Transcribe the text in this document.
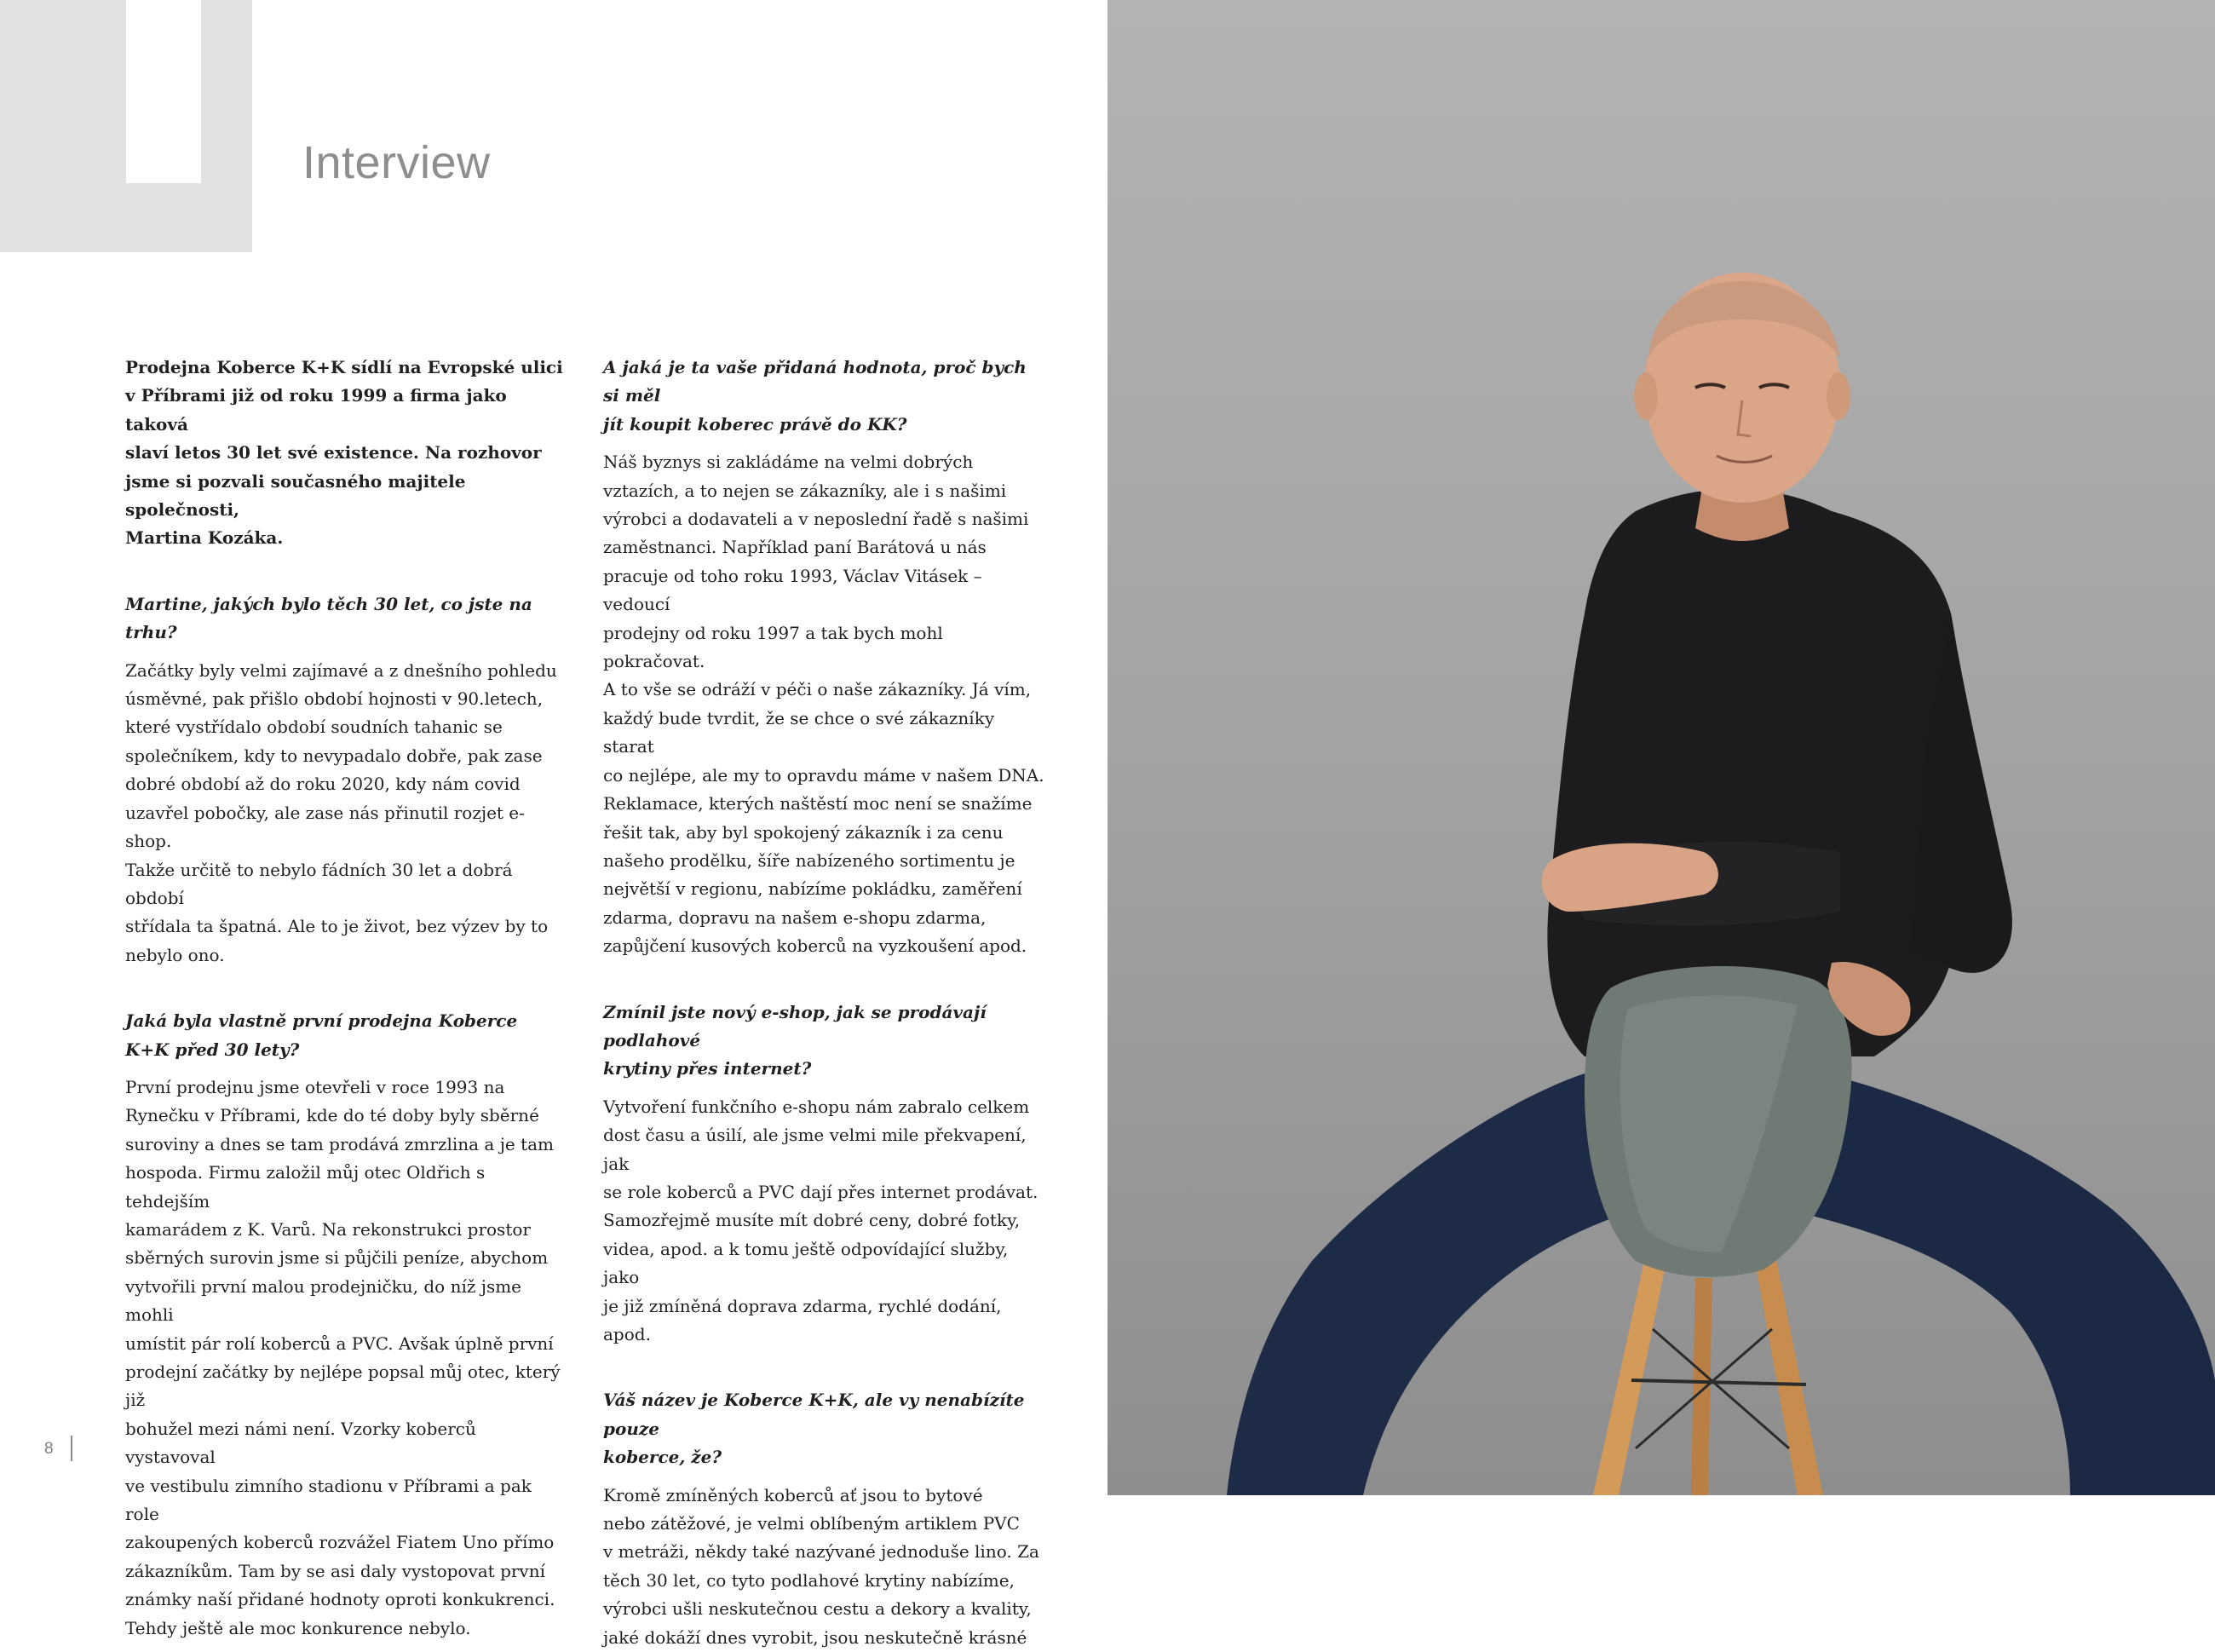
Interview

Prodejna Koberce K+K sídlí na Evropské ulici
v Příbrami již od roku 1999 a firma jako taková
slaví letos 30 let své existence. Na rozhovor
jsme si pozvali současného majitele společnosti,
Martina Kozáka.

Martine, jakých bylo těch 30 let, co jste na trhu?

Začátky byly velmi zajímavé a z dnešního pohledu
úsměvné, pak přišlo období hojnosti v 90.letech,
které vystřídalo období soudních tahanic se
společníkem, kdy to nevypadalo dobře, pak zase
dobré období až do roku 2020, kdy nám covid
uzavřel pobočky, ale zase nás přinutil rozjet e-shop.
Takže určitě to nebylo fádních 30 let a dobrá období
střídala ta špatná. Ale to je život, bez výzev by to
nebylo ono.

Jaká byla vlastně první prodejna Koberce
K+K před 30 lety?

První prodejnu jsme otevřeli v roce 1993 na
Rynečku v Příbrami, kde do té doby byly sběrné
suroviny a dnes se tam prodává zmrzlina a je tam
hospoda. Firmu založil můj otec Oldřich s tehdejším
kamarádem z K. Varů. Na rekonstrukci prostor
sběrných surovin jsme si půjčili peníze, abychom
vytvořili první malou prodejničku, do níž jsme mohli
umístit pár rolí koberců a PVC. Avšak úplně první
prodejní začátky by nejlépe popsal můj otec, který již
bohužel mezi námi není. Vzorky koberců vystavoval
ve vestibulu zimního stadionu v Příbrami a pak role
zakoupených koberců rozvážel Fiatem Uno přímo
zákazníkům. Tam by se asi daly vystopovat první
známky naší přidané hodnoty oproti konkukrenci.
Tehdy ještě ale moc konkurence nebylo.

A jaká je ta vaše přidaná hodnota, proč bych si měl
jít koupit koberec právě do KK?

Náš byznys si zakládáme na velmi dobrých
vztazích, a to nejen se zákazníky, ale i s našimi
výrobci a dodavateli a v neposlední řadě s našimi
zaměstnanci. Například paní Barátová u nás
pracuje od toho roku 1993, Václav Vitásek – vedoucí
prodejny od roku 1997 a tak bych mohl pokračovat.
A to vše se odráží v péči o naše zákazníky. Já vím,
každý bude tvrdit, že se chce o své zákazníky starat
co nejlépe, ale my to opravdu máme v našem DNA.
Reklamace, kterých naštěstí moc není se snažíme
řešit tak, aby byl spokojený zákazník i za cenu
našeho prodělku, šíře nabízeného sortimentu je
největší v regionu, nabízíme pokládku, zaměření
zdarma, dopravu na našem e-shopu zdarma,
zapůjčení kusových koberců na vyzkoušení apod.

Zmínil jste nový e-shop, jak se prodávají podlahové
krytiny přes internet?

Vytvoření funkčního e-shopu nám zabralo celkem
dost času a úsilí, ale jsme velmi mile překvapení, jak
se role koberců a PVC dají přes internet prodávat.
Samozřejmě musíte mít dobré ceny, dobré fotky,
videa, apod. a k tomu ještě odpovídající služby, jako
je již zmíněná doprava zdarma, rychlé dodání, apod.

Váš název je Koberce K+K, ale vy nenabízíte pouze
koberce, že?

Kromě zmíněných koberců ať jsou to bytové
nebo zátěžové, je velmi oblíbeným artiklem PVC
v metráži, někdy také nazývané jednoduše lino. Za
těch 30 let, co tyto podlahové krytiny nabízíme,
výrobci ušli neskutečnou cestu a dekory a kvality,
jaké dokáží dnes vyrobit, jsou neskutečně krásné

8
